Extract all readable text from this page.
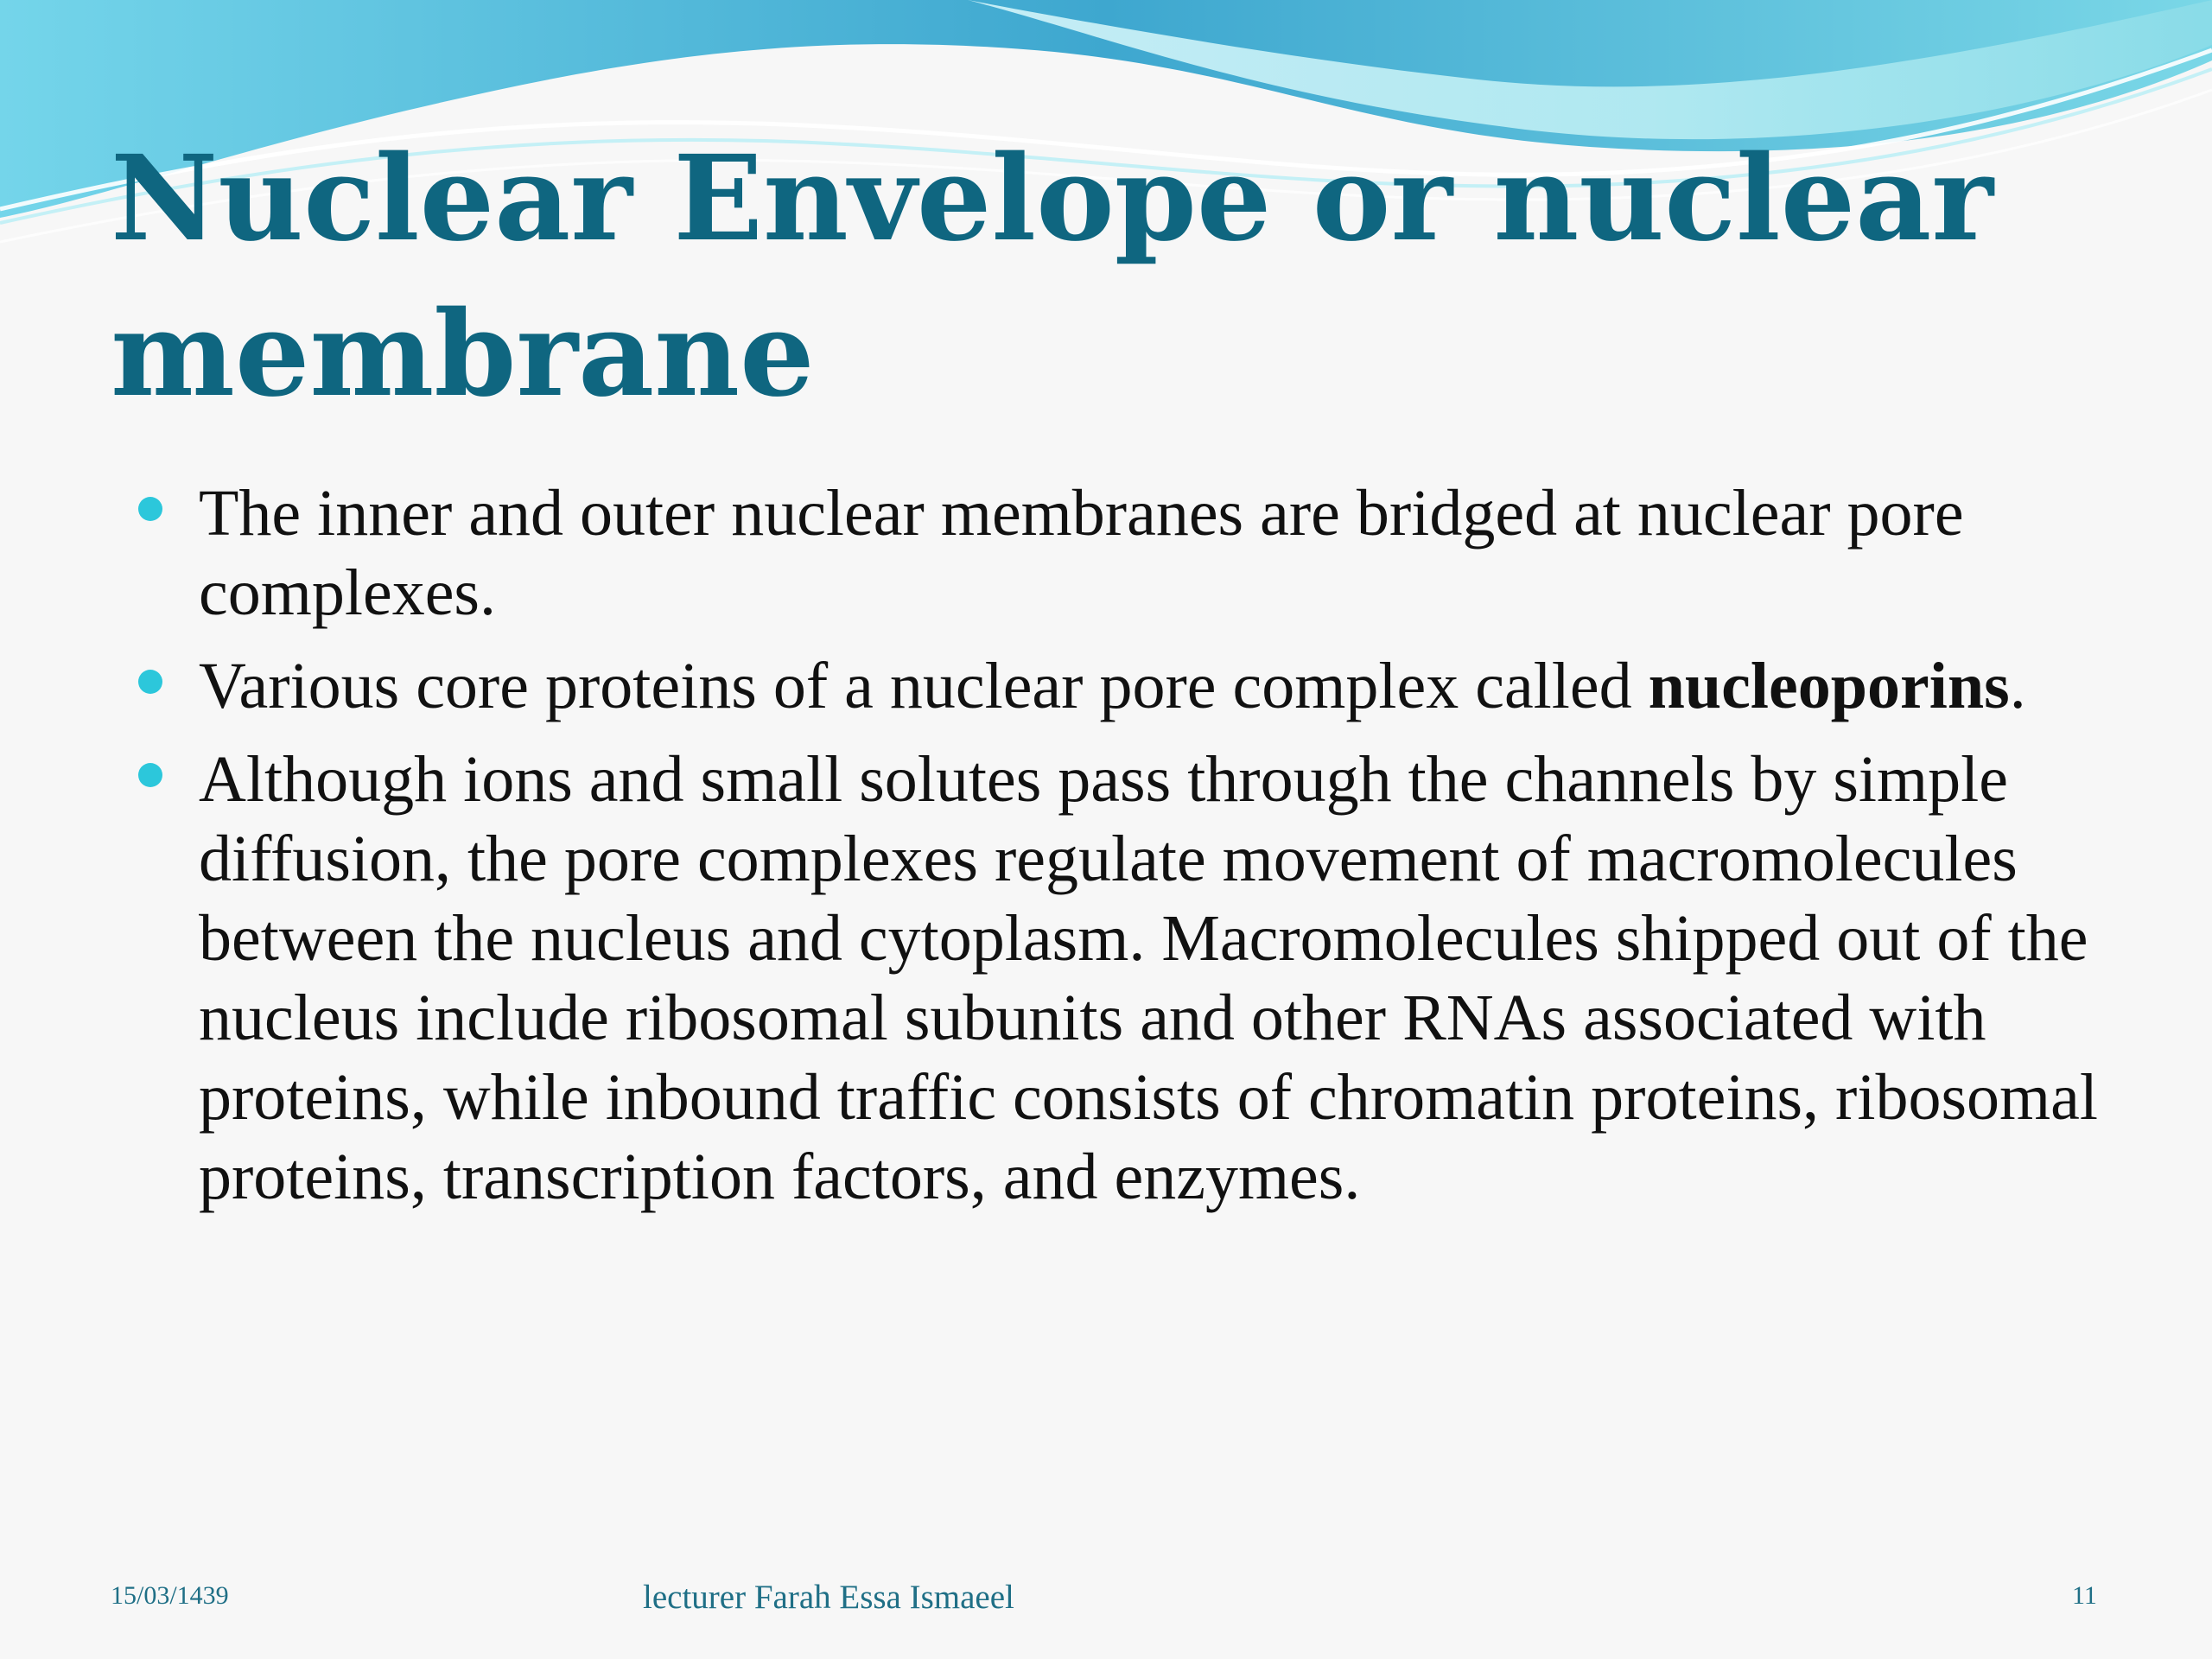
Nuclear Envelope or nuclear membrane
The inner and outer nuclear membranes are bridged at nuclear pore complexes.
Various core proteins of a nuclear pore complex called nucleoporins.
Although ions and small solutes pass through the channels by simple diffusion, the pore complexes regulate movement of macromolecules between the nucleus and cytoplasm. Macromolecules shipped out of the nucleus include ribosomal subunits and other RNAs associated with proteins, while inbound traffic consists of chromatin proteins, ribosomal proteins, transcription factors, and enzymes.
15/03/1439	lecturer Farah Essa Ismaeel	11
